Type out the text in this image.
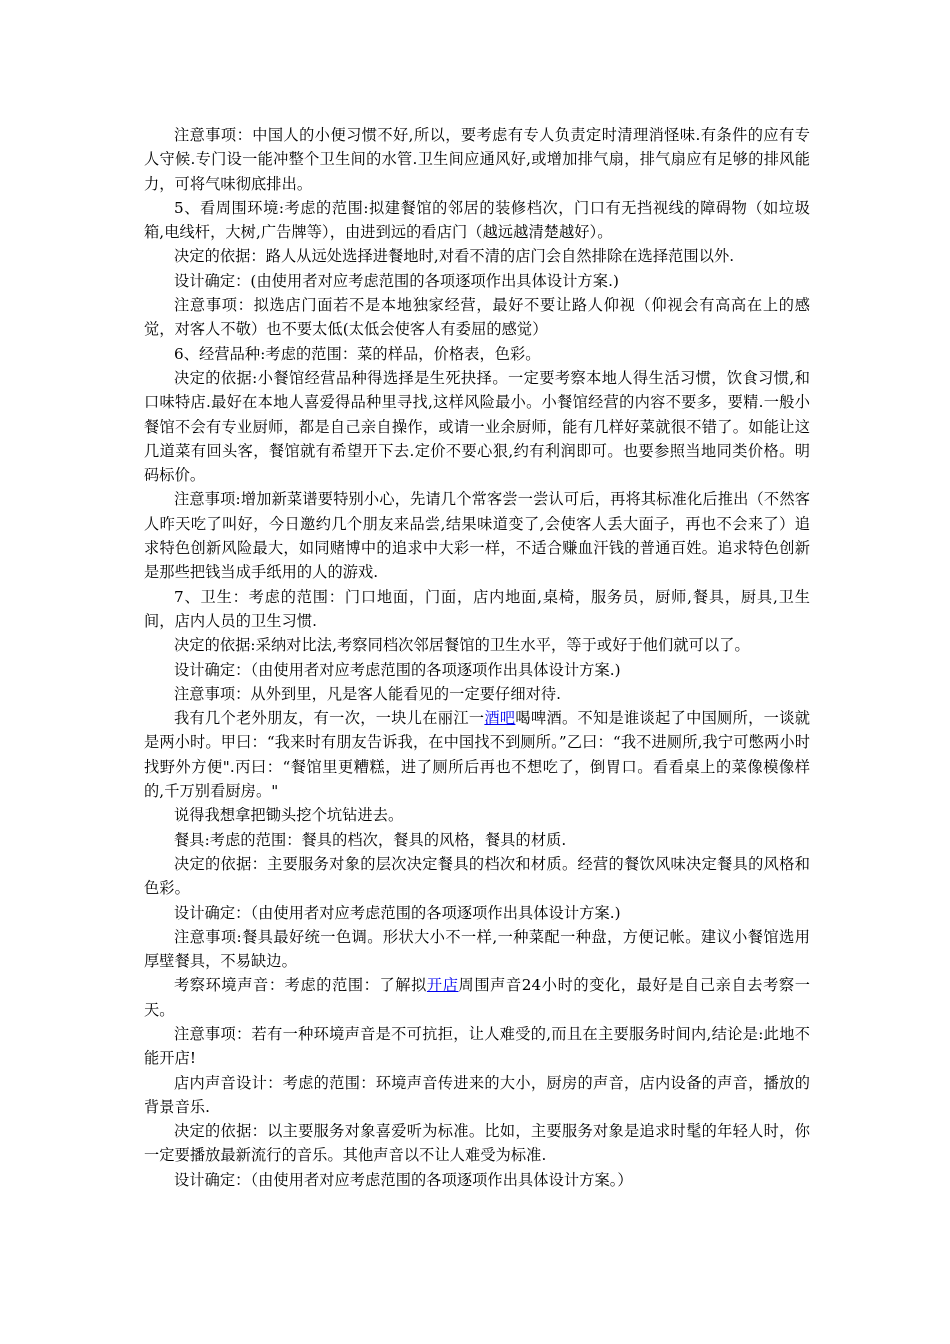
注意事项：中国人的小便习惯不好,所以，要考虑有专人负责定时清理消怪味.有条件的应有专人守候.专门设一能冲整个卫生间的水管.卫生间应通风好,或增加排气扇，排气扇应有足够的排风能力，可将气味彻底排出。

5、看周围环境:考虑的范围:拟建餐馆的邻居的装修档次，门口有无挡视线的障碍物（如垃圾箱,电线杆，大树,广告牌等），由进到远的看店门（越远越清楚越好）。

决定的依据：路人从远处选择进餐地时,对看不清的店门会自然排除在选择范围以外.

设计确定：(由使用者对应考虑范围的各项逐项作出具体设计方案.)

注意事项：拟选店门面若不是本地独家经营，最好不要让路人仰视（仰视会有高高在上的感觉，对客人不敬）也不要太低(太低会使客人有委屈的感觉）

6、经营品种:考虑的范围：菜的样品，价格表，色彩。

决定的依据:小餐馆经营品种得选择是生死抉择。一定要考察本地人得生活习惯，饮食习惯,和口味特店.最好在本地人喜爱得品种里寻找,这样风险最小。小餐馆经营的内容不要多，要精.一般小餐馆不会有专业厨师，都是自己亲自操作，或请一业余厨师，能有几样好菜就很不错了。如能让这几道菜有回头客，餐馆就有希望开下去.定价不要心狠,约有利润即可。也要参照当地同类价格。明码标价。

注意事项:增加新菜谱要特别小心，先请几个常客尝一尝认可后，再将其标准化后推出（不然客人昨天吃了叫好，今日邀约几个朋友来品尝,结果味道变了,会使客人丢大面子，再也不会来了）追求特色创新风险最大，如同赌博中的追求中大彩一样，不适合赚血汗钱的普通百姓。追求特色创新是那些把钱当成手纸用的人的游戏.

7、卫生：考虑的范围：门口地面，门面，店内地面,桌椅，服务员，厨师,餐具，厨具,卫生间，店内人员的卫生习惯.

决定的依据:采纳对比法,考察同档次邻居餐馆的卫生水平，等于或好于他们就可以了。

设计确定：（由使用者对应考虑范围的各项逐项作出具体设计方案.)

注意事项：从外到里，凡是客人能看见的一定要仔细对待.

我有几个老外朋友，有一次，一块儿在丽江一酒吧喝啤酒。不知是谁谈起了中国厕所，一谈就是两小时。甲曰：“我来时有朋友告诉我，在中国找不到厕所。”乙曰：“我不进厕所,我宁可憋两小时找野外方便".丙曰：“餐馆里更糟糕，进了厕所后再也不想吃了，倒胃口。看看桌上的菜像模像样的,千万别看厨房。"

说得我想拿把锄头挖个坑钻进去。

餐具:考虑的范围：餐具的档次，餐具的风格，餐具的材质.

决定的依据：主要服务对象的层次决定餐具的档次和材质。经营的餐饮风味决定餐具的风格和色彩。

设计确定：（由使用者对应考虑范围的各项逐项作出具体设计方案.)

注意事项:餐具最好统一色调。形状大小不一样,一种菜配一种盘，方便记帐。建议小餐馆选用厚壁餐具，不易缺边。

考察环境声音：考虑的范围：了解拟开店周围声音24小时的变化，最好是自己亲自去考察一天。

注意事项：若有一种环境声音是不可抗拒，让人难受的,而且在主要服务时间内,结论是:此地不能开店!

店内声音设计：考虑的范围：环境声音传进来的大小，厨房的声音，店内设备的声音，播放的背景音乐.

决定的依据：以主要服务对象喜爱听为标准。比如，主要服务对象是追求时髦的年轻人时，你一定要播放最新流行的音乐。其他声音以不让人难受为标准.

设计确定：（由使用者对应考虑范围的各项逐项作出具体设计方案。）
